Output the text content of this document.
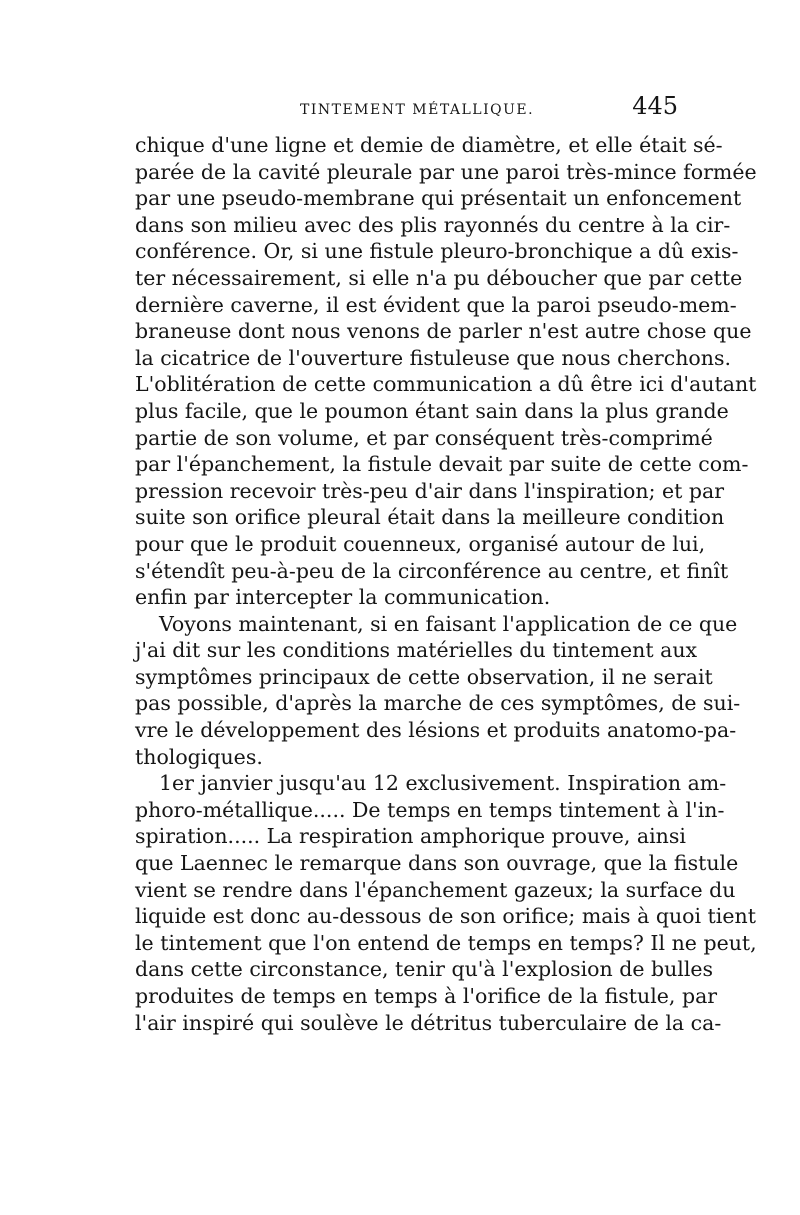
TINTEMENT MÉTALLIQUE.	445
chique d'une ligne et demie de diamètre, et elle était sé-
parée de la cavité pleurale par une paroi très-mince formée
par une pseudo-membrane qui présentait un enfoncement
dans son milieu avec des plis rayonnés du centre à la cir-
conférence. Or, si une fistule pleuro-bronchique a dû exis-
ter nécessairement, si elle n'a pu déboucher que par cette
dernière caverne, il est évident que la paroi pseudo-mem-
braneuse dont nous venons de parler n'est autre chose que
la cicatrice de l'ouverture fistuleuse que nous cherchons.
L'oblitération de cette communication a dû être ici d'autant
plus facile, que le poumon étant sain dans la plus grande
partie de son volume, et par conséquent très-comprimé
par l'épanchement, la fistule devait par suite de cette com-
pression recevoir très-peu d'air dans l'inspiration; et par
suite son orifice pleural était dans la meilleure condition
pour que le produit couenneux, organisé autour de lui,
s'étendît peu-à-peu de la circonférence au centre, et finît
enfin par intercepter la communication.
Voyons maintenant, si en faisant l'application de ce que
j'ai dit sur les conditions matérielles du tintement aux
symptômes principaux de cette observation, il ne serait
pas possible, d'après la marche de ces symptômes, de sui-
vre le développement des lésions et produits anatomo-pa-
thologiques.
1er janvier jusqu'au 12 exclusivement. Inspiration am-
phoro-métallique..... De temps en temps tintement à l'in-
spiration..... La respiration amphorique prouve, ainsi
que Laennec le remarque dans son ouvrage, que la fistule
vient se rendre dans l'épanchement gazeux; la surface du
liquide est donc au-dessous de son orifice; mais à quoi tient
le tintement que l'on entend de temps en temps? Il ne peut,
dans cette circonstance, tenir qu'à l'explosion de bulles
produites de temps en temps à l'orifice de la fistule, par
l'air inspiré qui soulève le détritus tuberculaire de la ca-
